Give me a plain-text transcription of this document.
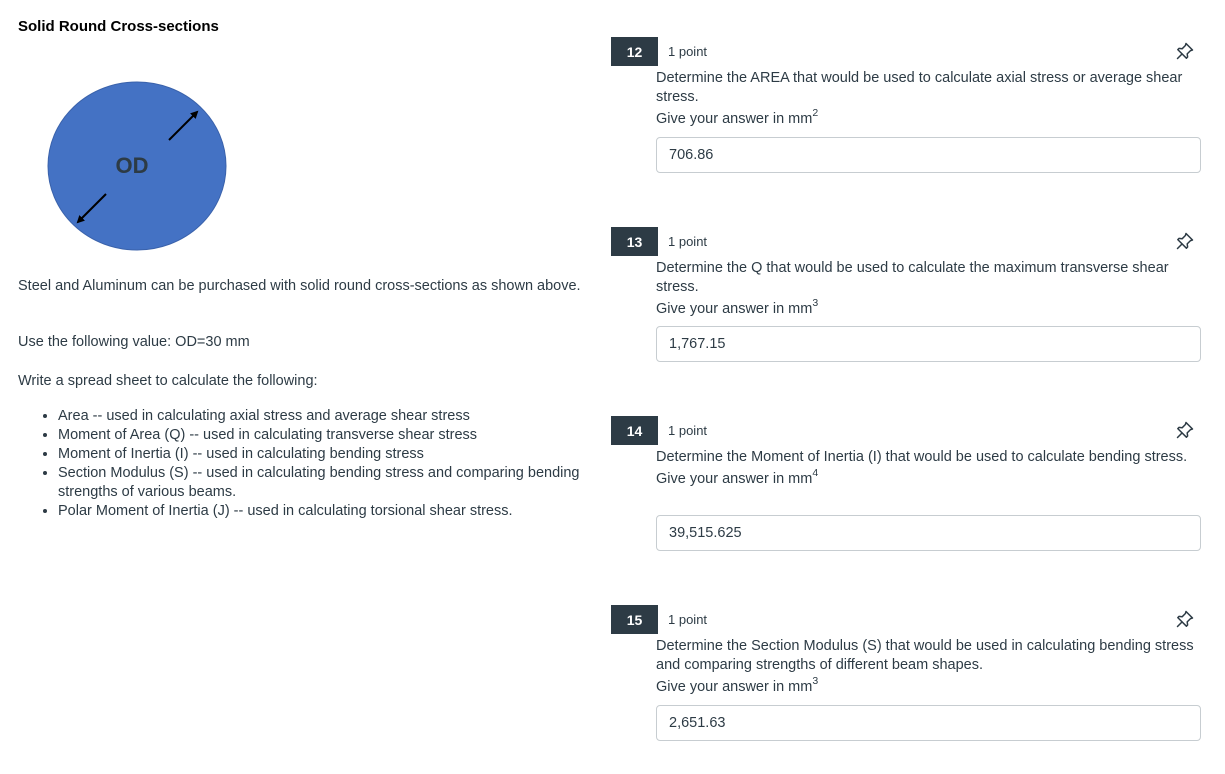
Solid Round Cross-sections
OD
Steel and Aluminum can be purchased with solid round cross-sections as shown above.
Use the following value: OD=30 mm
Write a spread sheet to calculate the following:
• Area -- used in calculating axial stress and average shear stress
• Moment of Area (Q) -- used in calculating transverse shear stress
• Moment of Inertia (I) -- used in calculating bending stress
• Section Modulus (S) -- used in calculating bending stress and comparing bending strengths of various beams.
• Polar Moment of Inertia (J) -- used in calculating torsional shear stress.
12	1 point

Determine the AREA that would be used to calculate axial stress or average shear stress.

Give your answer in $mm^2$

706.86
13	1 point

Determine the Q that would be used to calculate the maximum transverse shear stress.

Give your answer in $mm^3$

1,767.15
14	1 point

Determine the Moment of Inertia (I) that would be used to calculate bending stress.

Give your answer in $mm^4$

39,515.625
15	1 point

Determine the Section Modulus (S) that would be used in calculating bending stress and comparing strengths of different beam shapes.

Give your answer in $mm^3$

2,651.63
